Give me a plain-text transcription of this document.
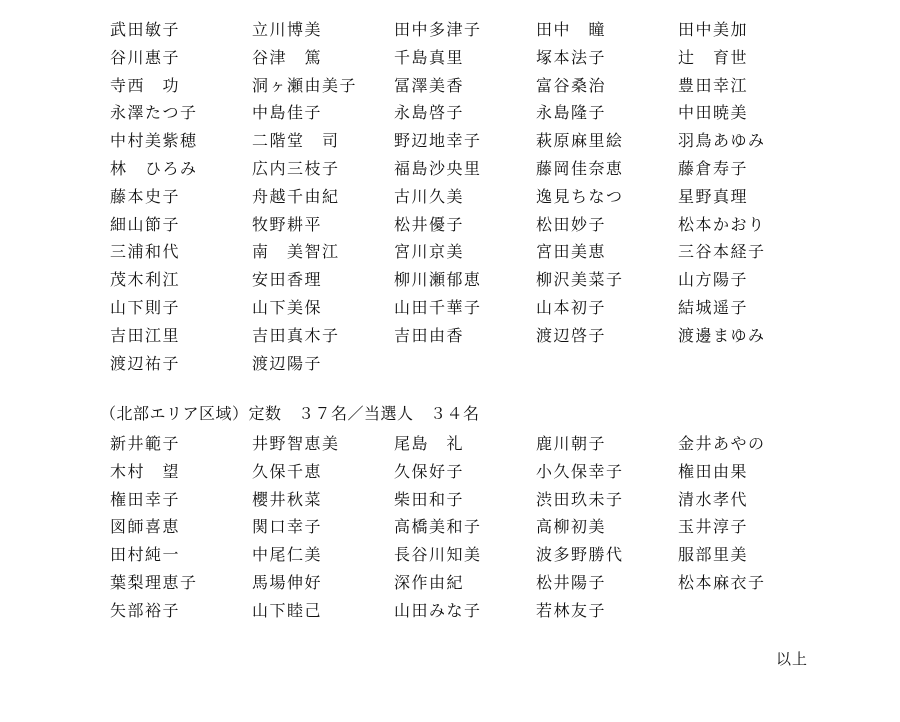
武田敏子	立川博美	田中多津子	田中　瞳	田中美加
谷川惠子	谷津　篤	千島真里	塚本法子	辻　育世
寺西　功	洞ヶ瀬由美子	冨澤美香	富谷桑治	豊田幸江
永澤たつ子	中島佳子	永島啓子	永島隆子	中田暁美
中村美紫穂	二階堂　司	野辺地幸子	萩原麻里絵	羽鳥あゆみ
林　ひろみ	広内三枝子	福島沙央里	藤岡佳奈恵	藤倉寿子
藤本史子	舟越千由紀	古川久美	逸見ちなつ	星野真理
細山節子	牧野耕平	松井優子	松田妙子	松本かおり
三浦和代	南　美智江	宮川京美	宮田美恵	三谷本経子
茂木利江	安田香理	柳川瀬郁恵	柳沢美菜子	山方陽子
山下則子	山下美保	山田千華子	山本初子	結城遥子
吉田江里	吉田真木子	吉田由香	渡辺啓子	渡邊まゆみ
渡辺祐子	渡辺陽子
（北部エリア区域）定数　３７名／当選人　３４名
新井範子	井野智恵美	尾島　礼	鹿川朝子	金井あやの
木村　望	久保千恵	久保好子	小久保幸子	権田由果
権田幸子	櫻井秋菜	柴田和子	渋田玖未子	清水孝代
図師喜恵	関口幸子	高橋美和子	高柳初美	玉井淳子
田村純一	中尾仁美	長谷川知美	波多野勝代	服部里美
葉梨理恵子	馬場伸好	深作由紀	松井陽子	松本麻衣子
矢部裕子	山下睦己	山田みな子	若林友子
以上
